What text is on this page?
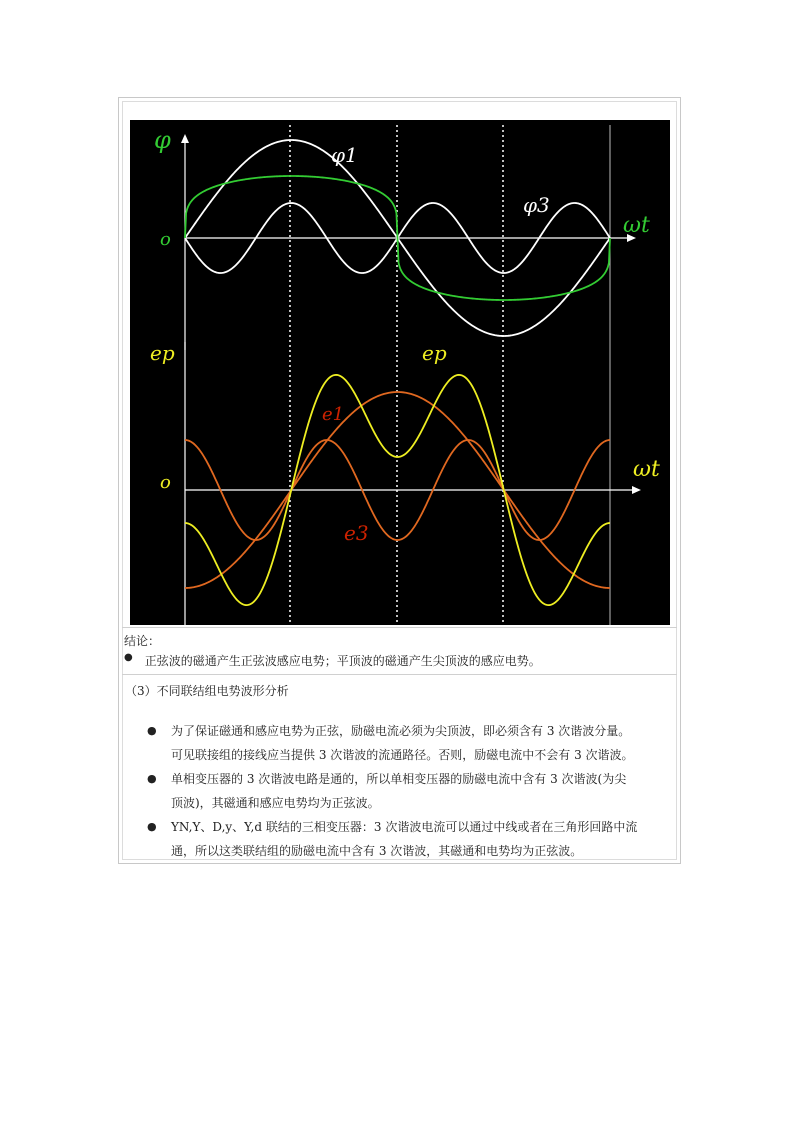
φ
o
ωt
φ1
φ3
ep
o
ωt
ep
e1
e3
结论：
● 正弦波的磁通产生正弦波感应电势；平顶波的磁通产生尖顶波的感应电势。
（3）不同联结组电势波形分析
● 为了保证磁通和感应电势为正弦，励磁电流必须为尖顶波，即必须含有 3 次谐波分量。
可见联接组的接线应当提供 3 次谐波的流通路径。否则，励磁电流中不会有 3 次谐波。
● 单相变压器的 3 次谐波电路是通的，所以单相变压器的励磁电流中含有 3 次谐波(为尖
顶波)，其磁通和感应电势均为正弦波。
● YN,Y、D,y、Y,d 联结的三相变压器：3 次谐波电流可以通过中线或者在三角形回路中流
通，所以这类联结组的励磁电流中含有 3 次谐波，其磁通和电势均为正弦波。
